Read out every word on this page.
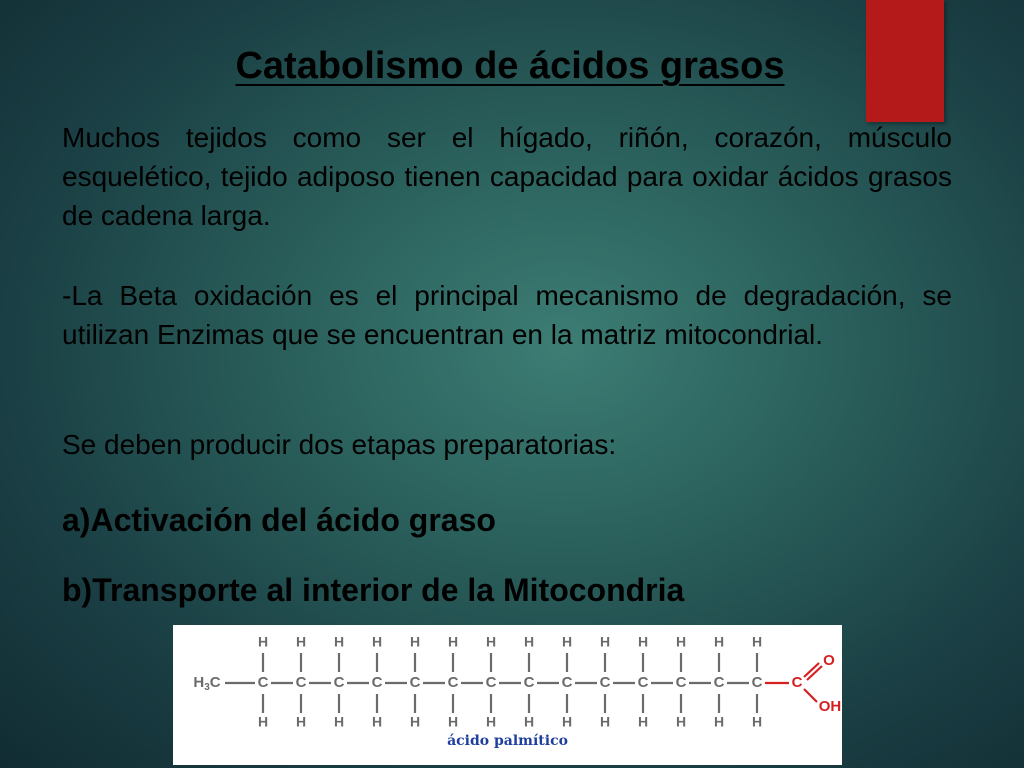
Catabolismo de ácidos grasos

Muchos tejidos como ser el hígado, riñón, corazón, músculo esquelético, tejido adiposo tienen capacidad para oxidar ácidos grasos de cadena larga.

-La Beta oxidación es el principal mecanismo de degradación, se utilizan Enzimas que se encuentran en la matriz mitocondrial.

Se deben producir dos etapas preparatorias:

a)Activación del ácido graso

b)Transporte al interior de la Mitocondria

$H_3C$ C
H
H
C
H
H
C
H
H
C
H
H
C
H
H
C
H
H
C
H
H
C
H
H
C
H
H
C
H
H
C
H
H
C
H
H
C
H
H
C
H
H
C
O
OH

ácido palmítico
